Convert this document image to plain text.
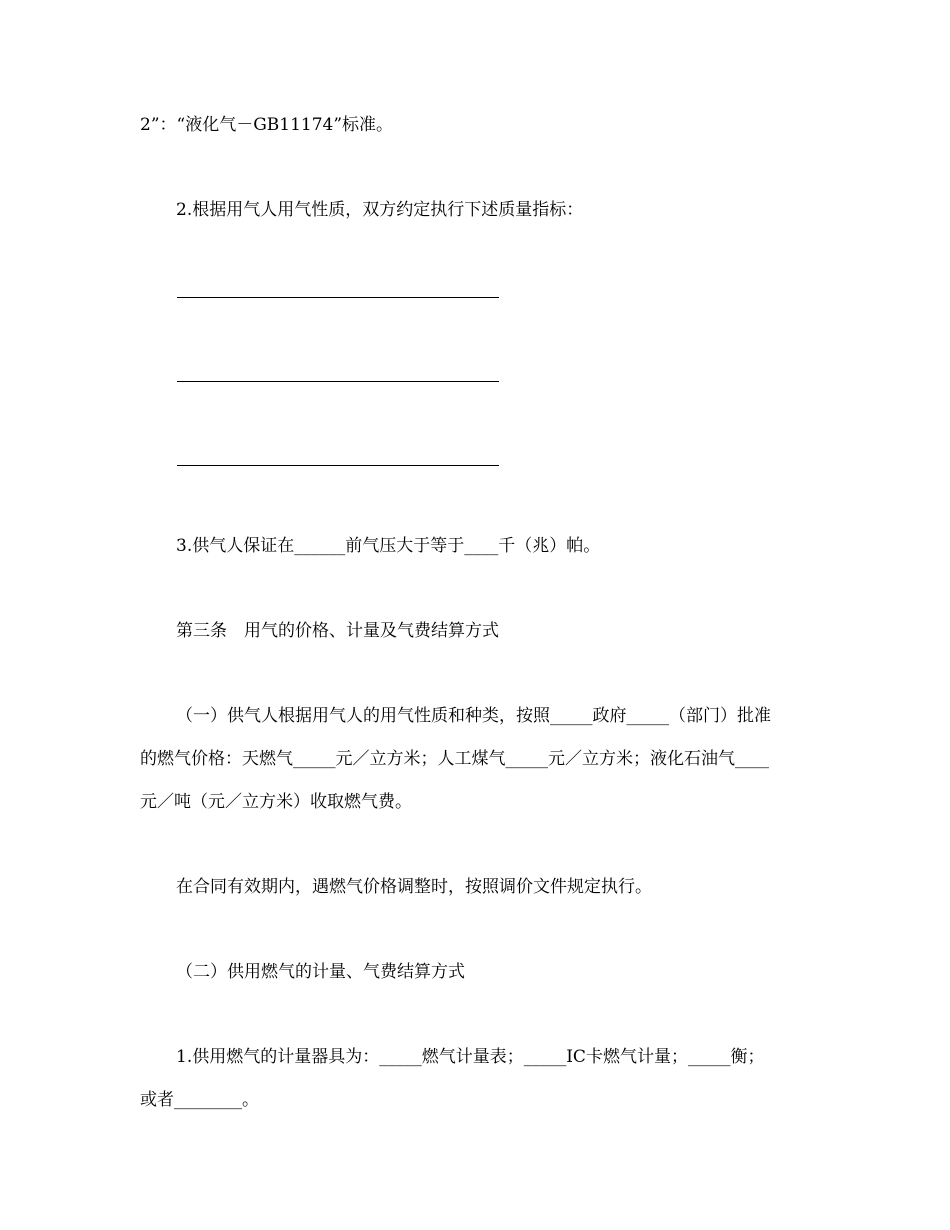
2”：“液化气－GB11174”标准。
2.根据用气人用气性质，双方约定执行下述质量指标：
3.供气人保证在______前气压大于等于____千（兆）帕。
第三条　用气的价格、计量及气费结算方式
（一）供气人根据用气人的用气性质和种类，按照_____政府_____（部门）批准
的燃气价格：天燃气_____元／立方米；人工煤气_____元／立方米；液化石油气____
元／吨（元／立方米）收取燃气费。
在合同有效期内，遇燃气价格调整时，按照调价文件规定执行。
（二）供用燃气的计量、气费结算方式
1.供用燃气的计量器具为：_____燃气计量表；_____IC卡燃气计量；_____衡；
或者________。
